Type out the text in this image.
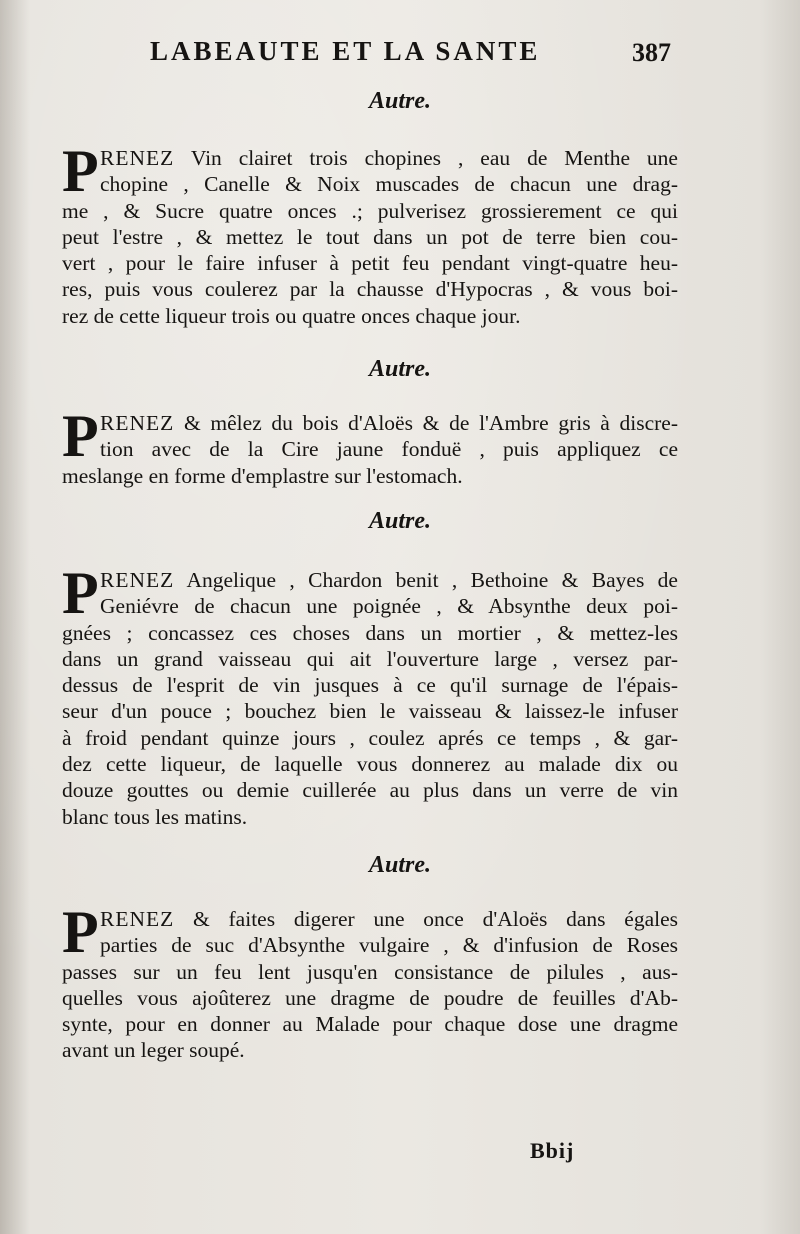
LABEAUTE ET LA SANTE	387
Autre.
P RENEZ Vin clairet trois chopines , eau de Menthe une
chopine , Canelle & Noix muscades de chacun une drag-
me , & Sucre quatre onces .; pulverisez grossierement ce qui
peut l'estre , & mettez le tout dans un pot de terre bien cou-
vert , pour le faire infuser à petit feu pendant vingt-quatre heu-
res, puis vous coulerez par la chausse d'Hypocras , & vous boi-
rez de cette liqueur trois ou quatre onces chaque jour.
Autre.
P RENEZ & mêlez du bois d'Aloës & de l'Ambre gris à discre-
tion avec de la Cire jaune fonduë , puis appliquez ce
meslange en forme d'emplastre sur l'estomach.
Autre.
P RENEZ Angelique , Chardon benit , Bethoine & Bayes de
Geniévre de chacun une poignée , & Absynthe deux poi-
gnées ; concassez ces choses dans un mortier , & mettez-les
dans un grand vaisseau qui ait l'ouverture large , versez par-
dessus de l'esprit de vin jusques à ce qu'il surnage de l'épais-
seur d'un pouce ; bouchez bien le vaisseau & laissez-le infuser
à froid pendant quinze jours , coulez aprés ce temps , & gar-
dez cette liqueur, de laquelle vous donnerez au malade dix ou
douze gouttes ou demie cuillerée au plus dans un verre de vin
blanc tous les matins.
Autre.
P RENEZ & faites digerer une once d'Aloës dans égales
parties de suc d'Absynthe vulgaire , & d'infusion de Roses
passes sur un feu lent jusqu'en consistance de pilules , aus-
quelles vous ajoûterez une dragme de poudre de feuilles d'Ab-
synte, pour en donner au Malade pour chaque dose une dragme
avant un leger soupé.
Bbij
